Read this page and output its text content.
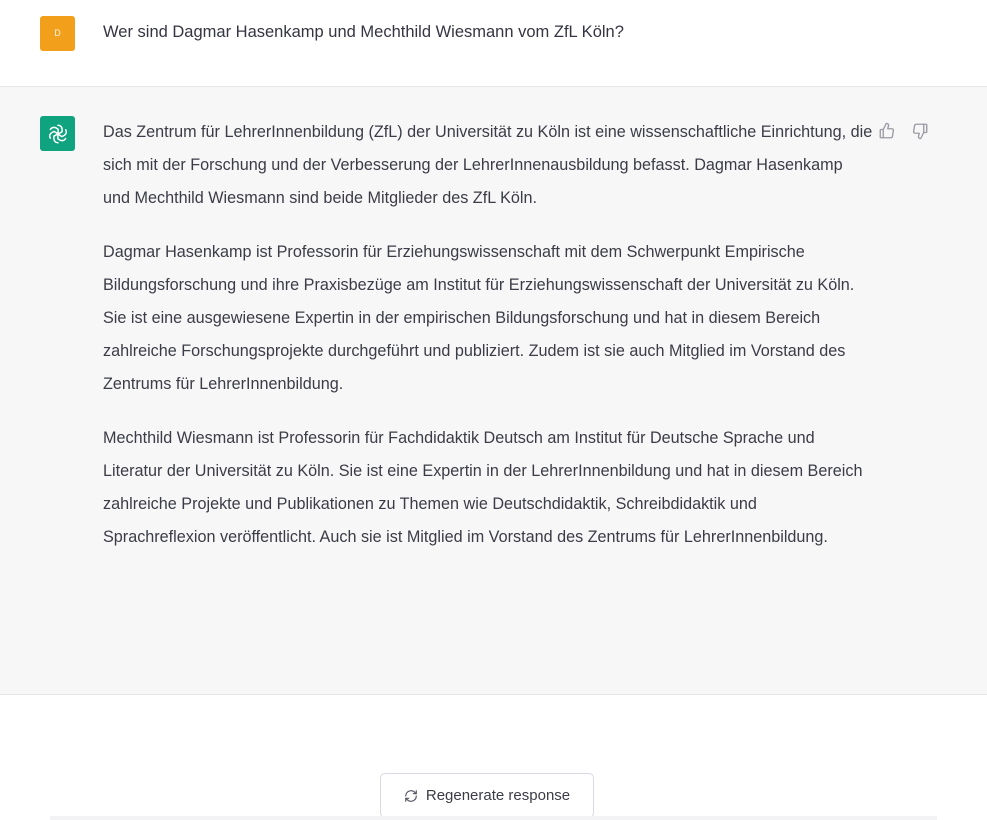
D	Wer sind Dagmar Hasenkamp und Mechthild Wiesmann vom ZfL Köln?

Das Zentrum für LehrerInnenbildung (ZfL) der Universität zu Köln ist eine wissenschaftliche Einrichtung, die sich mit der Forschung und der Verbesserung der LehrerInnenausbildung befasst. Dagmar Hasenkamp und Mechthild Wiesmann sind beide Mitglieder des ZfL Köln.

Dagmar Hasenkamp ist Professorin für Erziehungswissenschaft mit dem Schwerpunkt Empirische Bildungsforschung und ihre Praxisbezüge am Institut für Erziehungswissenschaft der Universität zu Köln. Sie ist eine ausgewiesene Expertin in der empirischen Bildungsforschung und hat in diesem Bereich zahlreiche Forschungsprojekte durchgeführt und publiziert. Zudem ist sie auch Mitglied im Vorstand des Zentrums für LehrerInnenbildung.

Mechthild Wiesmann ist Professorin für Fachdidaktik Deutsch am Institut für Deutsche Sprache und Literatur der Universität zu Köln. Sie ist eine Expertin in der LehrerInnenbildung und hat in diesem Bereich zahlreiche Projekte und Publikationen zu Themen wie Deutschdidaktik, Schreibdidaktik und Sprachreflexion veröffentlicht. Auch sie ist Mitglied im Vorstand des Zentrums für LehrerInnenbildung.

Regenerate response
